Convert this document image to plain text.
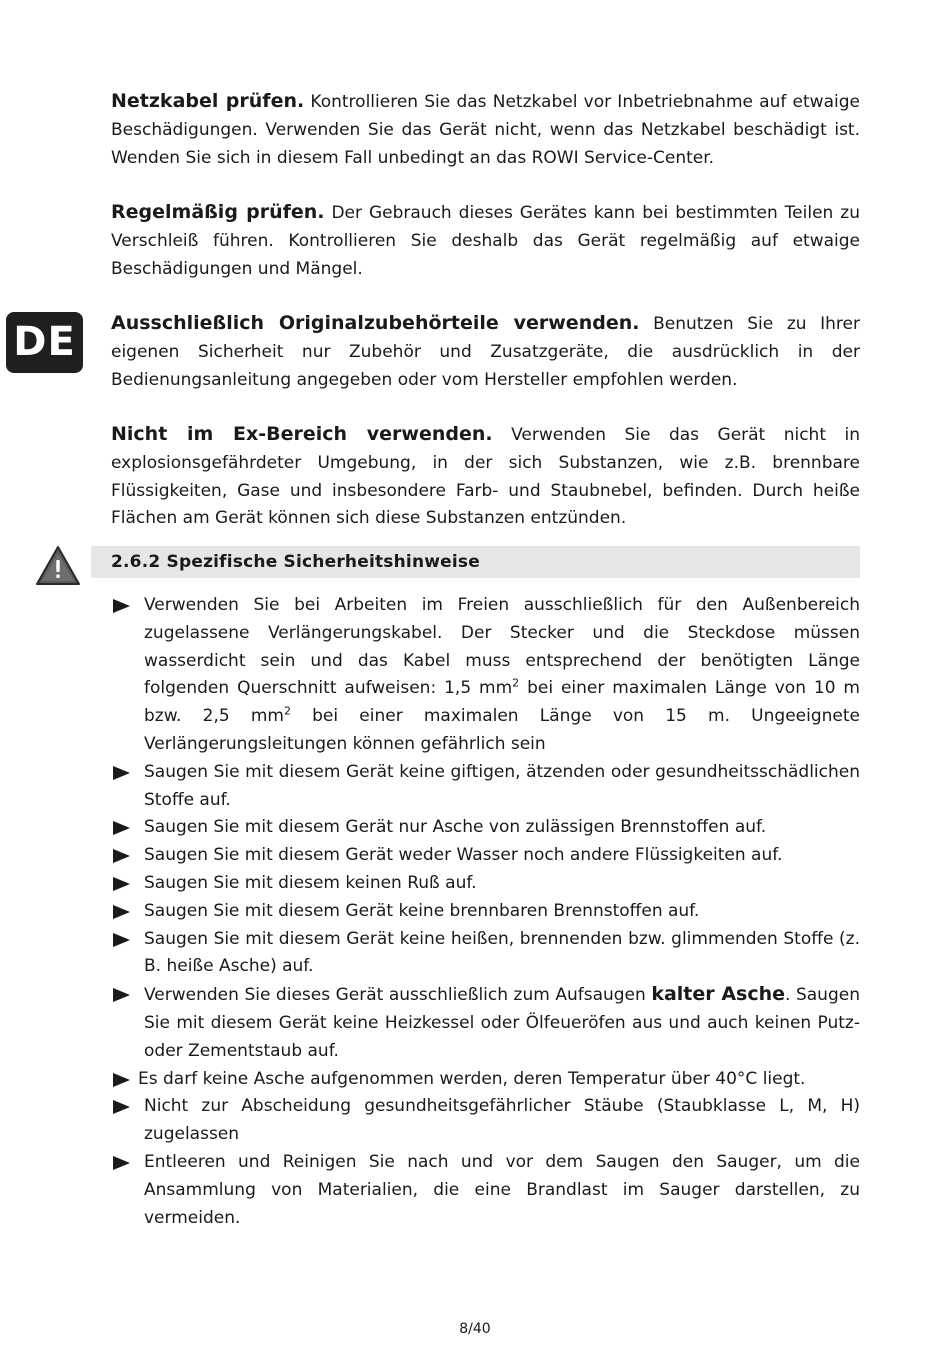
DE

Netzkabel prüfen. Kontrollieren Sie das Netzkabel vor Inbetriebnahme auf etwaige Beschädigungen. Verwenden Sie das Gerät nicht, wenn das Netzkabel beschädigt ist. Wenden Sie sich in diesem Fall unbedingt an das ROWI Service-Center.

Regelmäßig prüfen. Der Gebrauch dieses Gerätes kann bei bestimmten Teilen zu Verschleiß führen. Kontrollieren Sie deshalb das Gerät regelmäßig auf etwaige Beschädigungen und Mängel.

Ausschließlich Originalzubehörteile verwenden. Benutzen Sie zu Ihrer eigenen Sicherheit nur Zubehör und Zusatzgeräte, die ausdrücklich in der Bedienungsanleitung angegeben oder vom Hersteller empfohlen werden.

Nicht im Ex-Bereich verwenden. Verwenden Sie das Gerät nicht in explosionsgefährdeter Umgebung, in der sich Substanzen, wie z.B. brennbare Flüssigkeiten, Gase und insbesondere Farb- und Staubnebel, befinden. Durch heiße Flächen am Gerät können sich diese Substanzen entzünden.

2.6.2 Spezifische Sicherheitshinweise
Verwenden Sie bei Arbeiten im Freien ausschließlich für den Außenbereich zugelassene Verlängerungskabel. Der Stecker und die Steckdose müssen wasserdicht sein und das Kabel muss entsprechend der benötigten Länge folgenden Querschnitt aufweisen: 1,5 $mm^2$ bei einer maximalen Länge von 10 m bzw. 2,5 $mm^2$ bei einer maximalen Länge von 15 m. Ungeeignete Verlängerungsleitungen können gefährlich sein
Saugen Sie mit diesem Gerät keine giftigen, ätzenden oder gesundheitsschädlichen Stoffe auf.
Saugen Sie mit diesem Gerät nur Asche von zulässigen Brennstoffen auf.
Saugen Sie mit diesem Gerät weder Wasser noch andere Flüssigkeiten auf.
Saugen Sie mit diesem keinen Ruß auf.
Saugen Sie mit diesem Gerät keine brennbaren Brennstoffen auf.
Saugen Sie mit diesem Gerät keine heißen, brennenden bzw. glimmenden Stoffe (z. B. heiße Asche) auf.
Verwenden Sie dieses Gerät ausschließlich zum Aufsaugen kalter Asche. Saugen Sie mit diesem Gerät keine Heizkessel oder Ölfeueröfen aus und auch keinen Putz- oder Zementstaub auf.
Es darf keine Asche aufgenommen werden, deren Temperatur über 40°C liegt.
Nicht zur Abscheidung gesundheitsgefährlicher Stäube (Staubklasse L, M, H) zugelassen
Entleeren und Reinigen Sie nach und vor dem Saugen den Sauger, um die Ansammlung von Materialien, die eine Brandlast im Sauger darstellen, zu vermeiden.
8/40
